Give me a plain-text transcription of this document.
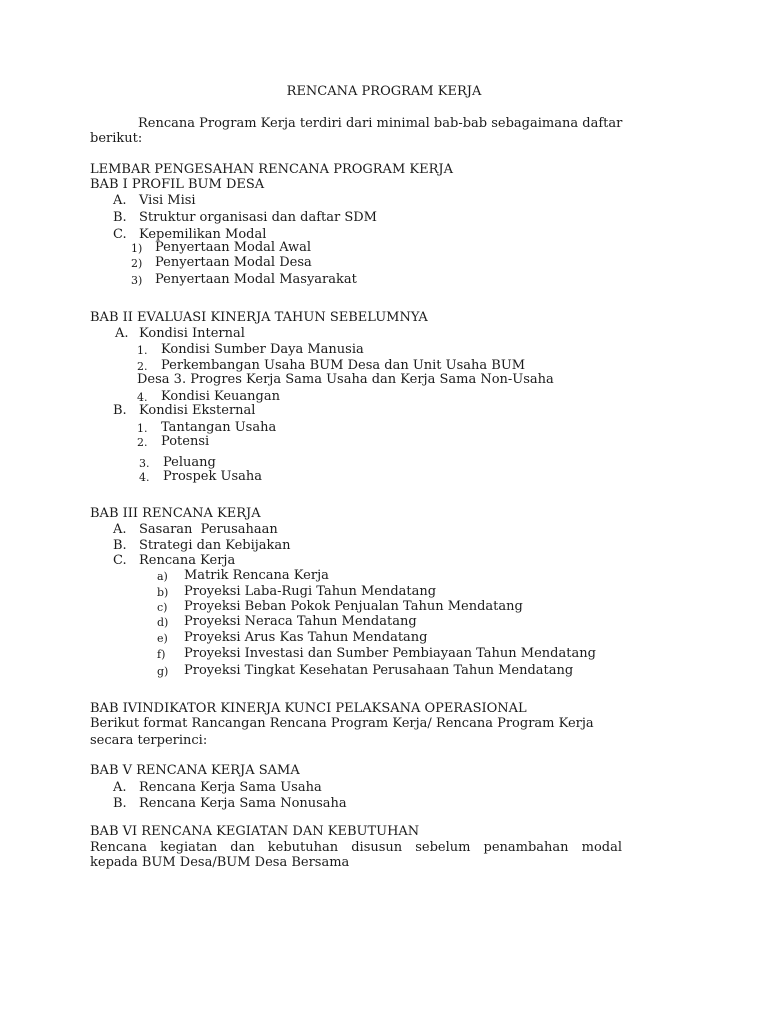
RENCANA PROGRAM KERJA
Rencana Program Kerja terdiri dari minimal bab-bab sebagaimana daftar
berikut:
LEMBAR PENGESAHAN RENCANA PROGRAM KERJA
BAB I PROFIL BUM DESA
A. Visi Misi
B. Struktur organisasi dan daftar SDM
C. Kepemilikan Modal
1) Penyertaan Modal Awal
2) Penyertaan Modal Desa
3) Penyertaan Modal Masyarakat
BAB II EVALUASI KINERJA TAHUN SEBELUMNYA
A. Kondisi Internal
1. Kondisi Sumber Daya Manusia
2. Perkembangan Usaha BUM Desa dan Unit Usaha BUM
Desa 3. Progres Kerja Sama Usaha dan Kerja Sama Non-Usaha
4. Kondisi Keuangan
B. Kondisi Eksternal
1. Tantangan Usaha
2. Potensi
3. Peluang
4. Prospek Usaha
BAB III RENCANA KERJA
A. Sasaran  Perusahaan
B. Strategi dan Kebijakan
C. Rencana Kerja
a) Matrik Rencana Kerja
b) Proyeksi Laba-Rugi Tahun Mendatang
c) Proyeksi Beban Pokok Penjualan Tahun Mendatang
d) Proyeksi Neraca Tahun Mendatang
e) Proyeksi Arus Kas Tahun Mendatang
f) Proyeksi Investasi dan Sumber Pembiayaan Tahun Mendatang
g) Proyeksi Tingkat Kesehatan Perusahaan Tahun Mendatang
BAB IVINDIKATOR KINERJA KUNCI PELAKSANA OPERASIONAL
Berikut format Rancangan Rencana Program Kerja/ Rencana Program Kerja
secara terperinci:
BAB V RENCANA KERJA SAMA
A. Rencana Kerja Sama Usaha
B. Rencana Kerja Sama Nonusaha
BAB VI RENCANA KEGIATAN DAN KEBUTUHAN
Rencana kegiatan dan kebutuhan disusun sebelum penambahan modal
kepada BUM Desa/BUM Desa Bersama
